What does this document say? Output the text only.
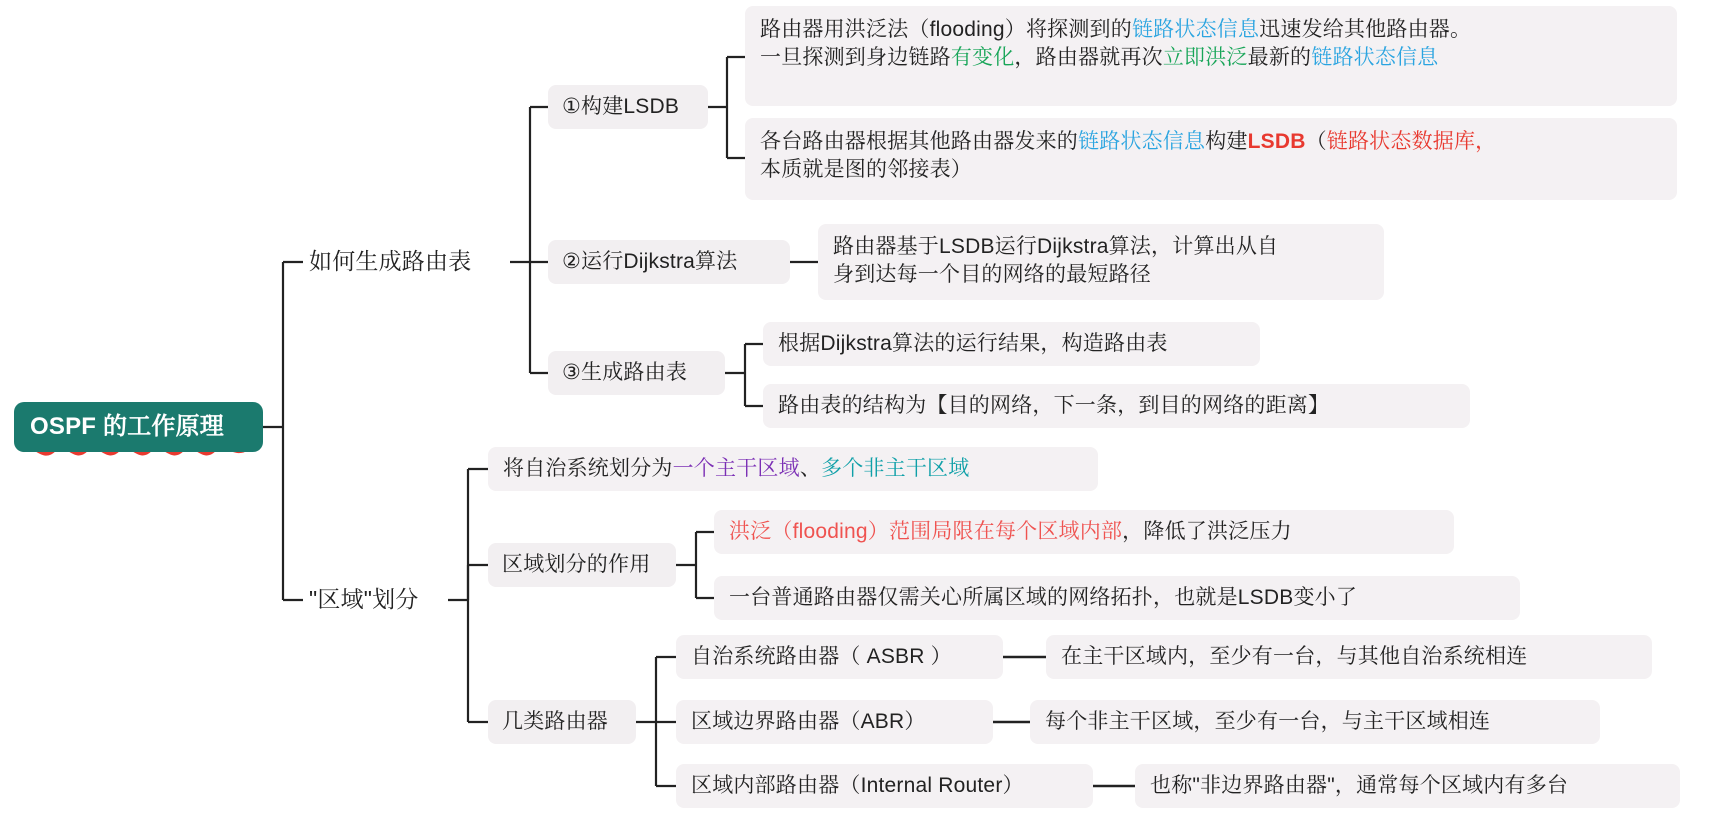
OSPF 的工作原理
如何生成路由表
"区域"划分
①构建LSDB
②运行Dijkstra算法
③生成路由表
路由器用洪泛法（flooding）将探测到的链路状态信息迅速发给其他路由器。
一旦探测到身边链路有变化，路由器就再次立即洪泛最新的链路状态信息
各台路由器根据其他路由器发来的链路状态信息构建LSDB（链路状态数据库，
本质就是图的邻接表）
路由器基于LSDB运行Dijkstra算法，计算出从自
身到达每一个目的网络的最短路径
根据Dijkstra算法的运行结果，构造路由表
路由表的结构为【目的网络，下一条，到目的网络的距离】
将自治系统划分为一个主干区域、多个非主干区域
区域划分的作用
几类路由器
洪泛（flooding）范围局限在每个区域内部，降低了洪泛压力
一台普通路由器仅需关心所属区域的网络拓扑，也就是LSDB变小了
自治系统路由器（ ASBR ）	在主干区域内，至少有一台，与其他自治系统相连
区域边界路由器（ABR）	每个非主干区域，至少有一台，与主干区域相连
区域内部路由器（Internal Router）	也称"非边界路由器"，通常每个区域内有多台
